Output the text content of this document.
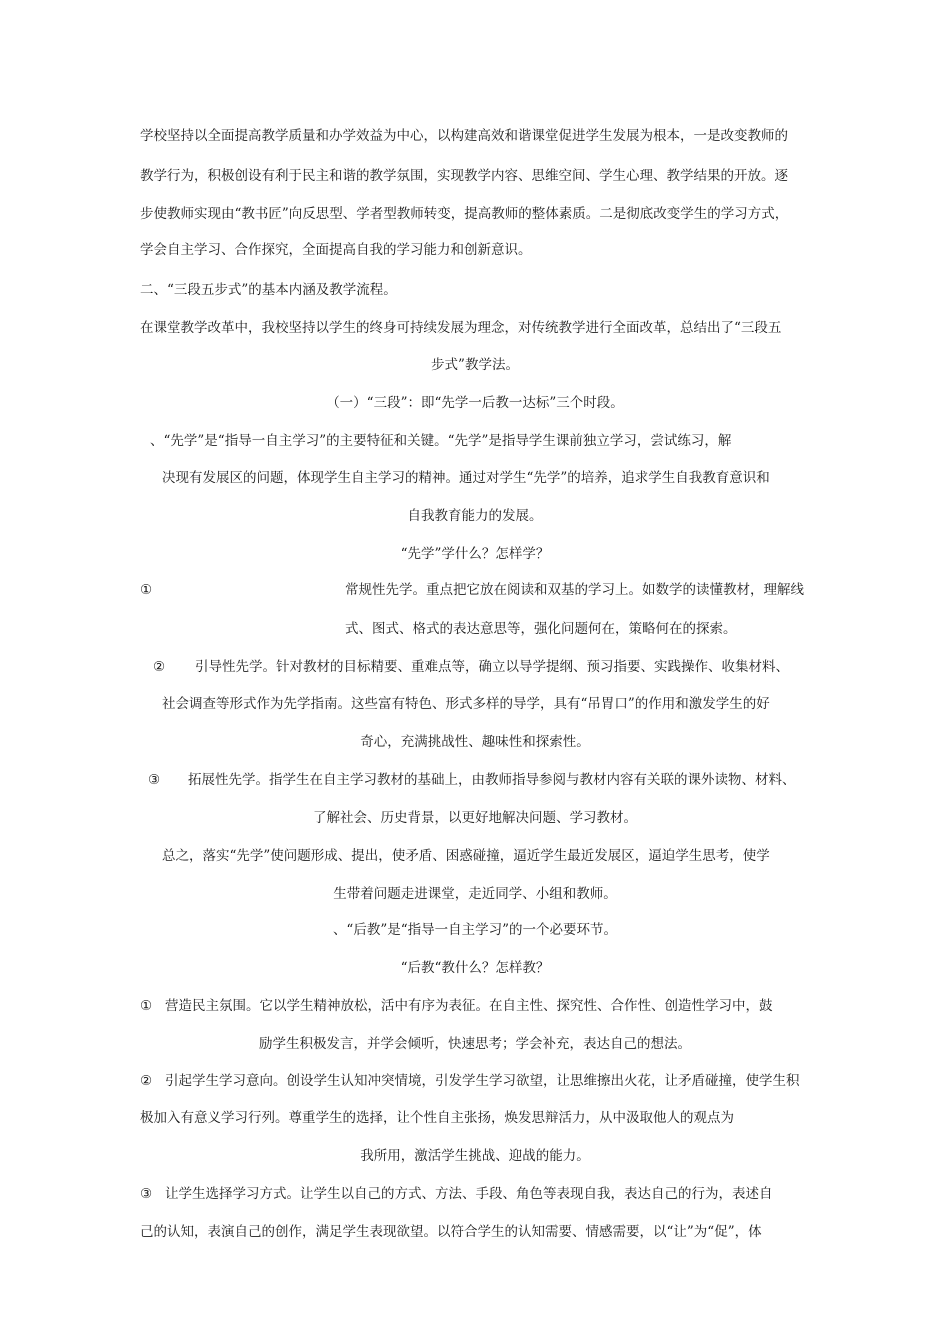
学校坚持以全面提高教学质量和办学效益为中心，以构建高效和谐课堂促进学生发展为根本，一是改变教师的
教学行为，积极创设有利于民主和谐的教学氛围，实现教学内容、思维空间、学生心理、教学结果的开放。逐
步使教师实现由“教书匠”向反思型、学者型教师转变，提高教师的整体素质。二是彻底改变学生的学习方式，
学会自主学习、合作探究，全面提高自我的学习能力和创新意识。
二、“三段五步式”的基本内涵及教学流程。
在课堂教学改革中，我校坚持以学生的终身可持续发展为理念，对传统教学进行全面改革，总结出了“三段五
步式”教学法。
（一）“三段”：即“先学一后教一达标”三个时段。
、“先学”是“指导一自主学习”的主要特征和关键。“先学”是指导学生课前独立学习，尝试练习，解
决现有发展区的问题，体现学生自主学习的精神。通过对学生“先学”的培养，追求学生自我教育意识和
自我教育能力的发展。
“先学”学什么？怎样学？
①	常规性先学。重点把它放在阅读和双基的学习上。如数学的读懂教材，理解线
式、图式、格式的表达意思等，强化问题何在，策略何在的探索。
② 引导性先学。针对教材的目标精要、重难点等，确立以导学提纲、预习指要、实践操作、收集材料、
社会调查等形式作为先学指南。这些富有特色、形式多样的导学，具有“吊胃口”的作用和激发学生的好
奇心，充满挑战性、趣味性和探索性。
③ 拓展性先学。指学生在自主学习教材的基础上，由教师指导参阅与教材内容有关联的课外读物、材料、
了解社会、历史背景，以更好地解决问题、学习教材。
总之，落实“先学”使问题形成、提出，使矛盾、困惑碰撞，逼近学生最近发展区，逼迫学生思考，使学
生带着问题走进课堂，走近同学、小组和教师。
、“后教”是“指导一自主学习”的一个必要环节。
“后教“教什么？怎样教？
① 营造民主氛围。它以学生精神放松，活中有序为表征。在自主性、探究性、合作性、创造性学习中，鼓
励学生积极发言，并学会倾听，快速思考；学会补充，表达自己的想法。
② 引起学生学习意向。创设学生认知冲突情境，引发学生学习欲望，让思维擦出火花，让矛盾碰撞，使学生积
极加入有意义学习行列。尊重学生的选择，让个性自主张扬，焕发思辩活力，从中汲取他人的观点为
我所用，激活学生挑战、迎战的能力。
③ 让学生选择学习方式。让学生以自己的方式、方法、手段、角色等表现自我，表达自己的行为，表述自
己的认知，表演自己的创作，满足学生表现欲望。以符合学生的认知需要、情感需要，以“让”为“促”，体
